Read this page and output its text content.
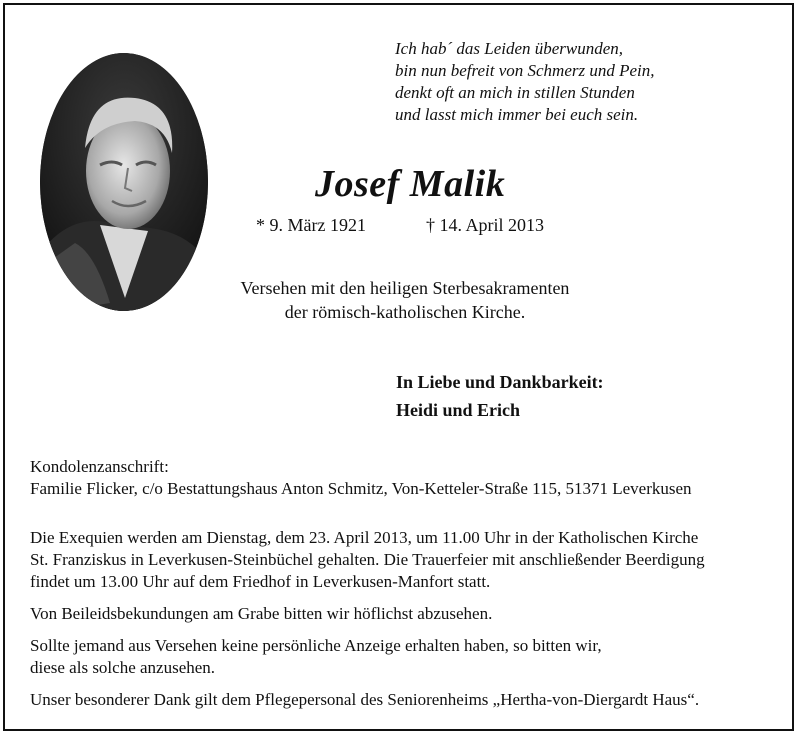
Ich hab´ das Leiden überwunden,
bin nun befreit von Schmerz und Pein,
denkt oft an mich in stillen Stunden
und lasst mich immer bei euch sein.
Josef Malik
* 9. März 1921	† 14. April 2013
Versehen mit den heiligen Sterbesakramenten
der römisch-katholischen Kirche.
In Liebe und Dankbarkeit:
Heidi und Erich
Kondolenzanschrift:
Familie Flicker, c/o Bestattungshaus Anton Schmitz, Von-Ketteler-Straße 115, 51371 Leverkusen
Die Exequien werden am Dienstag, dem 23. April 2013, um 11.00 Uhr in der Katholischen Kirche
St. Franziskus in Leverkusen-Steinbüchel gehalten. Die Trauerfeier mit anschließender Beerdigung
findet um 13.00 Uhr auf dem Friedhof in Leverkusen-Manfort statt.
Von Beileidsbekundungen am Grabe bitten wir höflichst abzusehen.
Sollte jemand aus Versehen keine persönliche Anzeige erhalten haben, so bitten wir,
diese als solche anzusehen.
Unser besonderer Dank gilt dem Pflegepersonal des Seniorenheims „Hertha-von-Diergardt Haus“.
